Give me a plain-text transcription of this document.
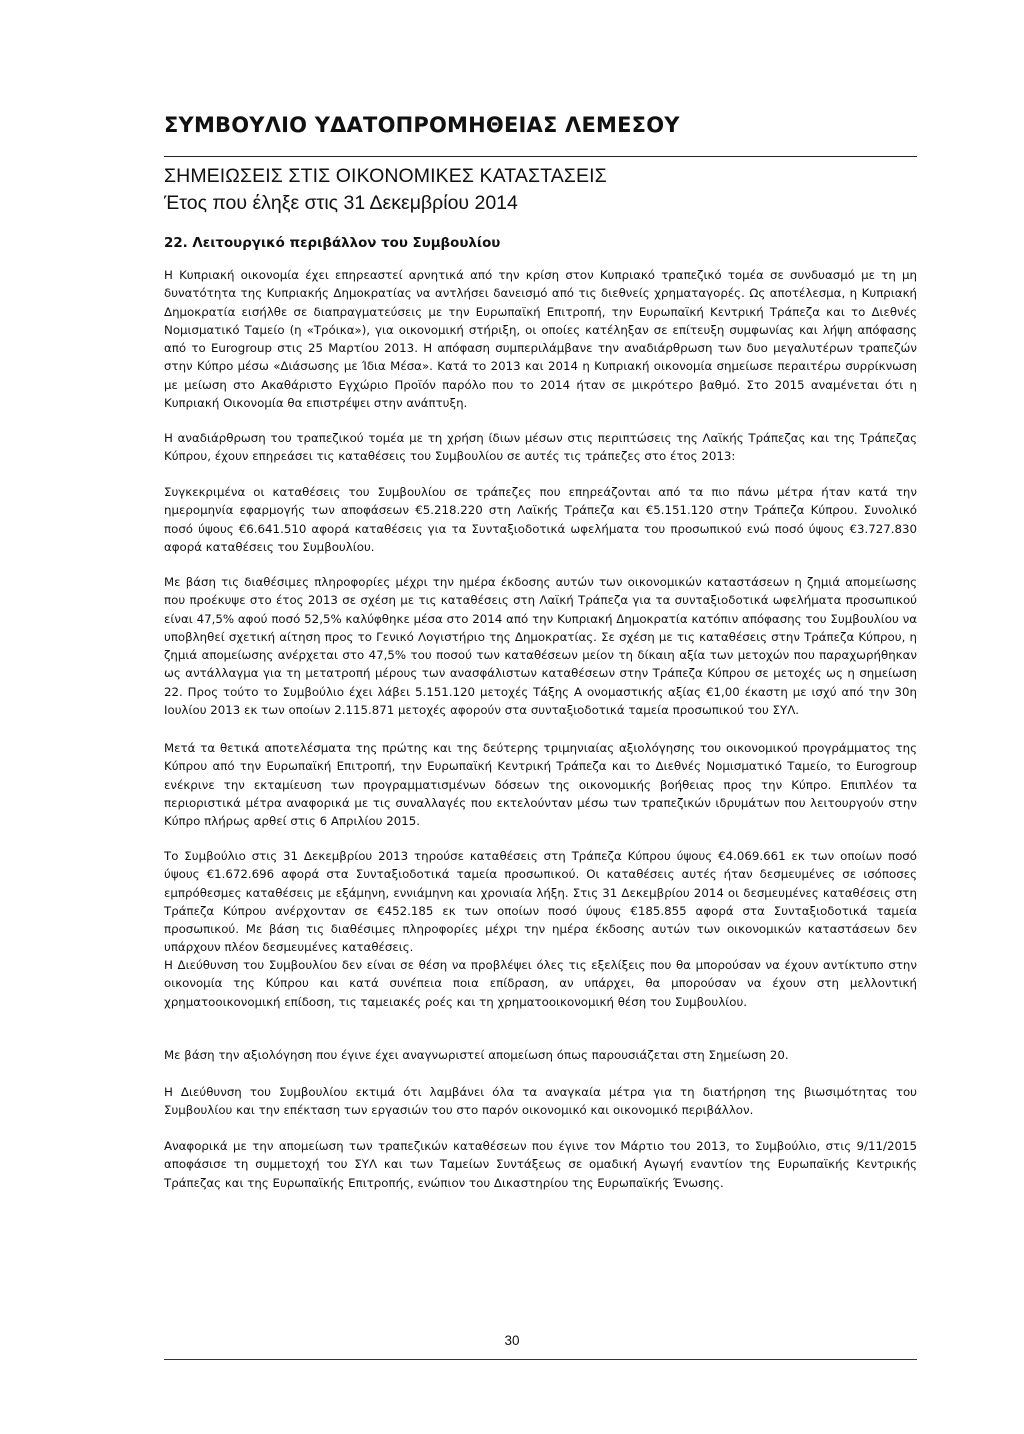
ΣΥΜΒΟΥΛΙΟ ΥΔΑΤΟΠΡΟΜΗΘΕΙΑΣ ΛΕΜΕΣΟΥ
ΣΗΜΕΙΩΣΕΙΣ ΣΤΙΣ ΟΙΚΟΝΟΜΙΚΕΣ ΚΑΤΑΣΤΑΣΕΙΣ
Έτος που έληξε στις 31 Δεκεμβρίου 2014
22. Λειτουργικό περιβάλλον του Συμβουλίου

Η Κυπριακή οικονομία έχει επηρεαστεί αρνητικά από την κρίση στον Κυπριακό τραπεζικό τομέα σε συνδυασμό με τη μη δυνατότητα της Κυπριακής Δημοκρατίας να αντλήσει δανεισμό από τις διεθνείς χρηματαγορές. Ως αποτέλεσμα, η Κυπριακή Δημοκρατία εισήλθε σε διαπραγματεύσεις με την Ευρωπαϊκή Επιτροπή, την Ευρωπαϊκή Κεντρική Τράπεζα και το Διεθνές Νομισματικό Ταμείο (η «Τρόικα»), για οικονομική στήριξη, οι οποίες κατέληξαν σε επίτευξη συμφωνίας και λήψη απόφασης από το Eurogroup στις 25 Μαρτίου 2013. Η απόφαση συμπεριλάμβανε την αναδιάρθρωση των δυο μεγαλυτέρων τραπεζών στην Κύπρο μέσω «Διάσωσης με Ίδια Μέσα». Κατά το 2013 και 2014 η Κυπριακή οικονομία σημείωσε περαιτέρω συρρίκνωση με μείωση στο Ακαθάριστο Εγχώριο Προϊόν παρόλο που το 2014 ήταν σε μικρότερο βαθμό. Στο 2015 αναμένεται ότι η Κυπριακή Οικονομία θα επιστρέψει στην ανάπτυξη.

Η αναδιάρθρωση του τραπεζικού τομέα με τη χρήση ίδιων μέσων στις περιπτώσεις της Λαϊκής Τράπεζας και της Τράπεζας Κύπρου, έχουν επηρεάσει τις καταθέσεις του Συμβουλίου σε αυτές τις τράπεζες στο έτος 2013:

Συγκεκριμένα οι καταθέσεις του Συμβουλίου σε τράπεζες που επηρεάζονται από τα πιο πάνω μέτρα ήταν κατά την ημερομηνία εφαρμογής των αποφάσεων €5.218.220 στη Λαϊκής Τράπεζα και €5.151.120 στην Τράπεζα Κύπρου. Συνολικό ποσό ύψους €6.641.510 αφορά καταθέσεις για τα Συνταξιοδοτικά ωφελήματα του προσωπικού ενώ ποσό ύψους €3.727.830 αφορά καταθέσεις του Συμβουλίου.

Με βάση τις διαθέσιμες πληροφορίες μέχρι την ημέρα έκδοσης αυτών των οικονομικών καταστάσεων η ζημιά απομείωσης που προέκυψε στο έτος 2013 σε σχέση με τις καταθέσεις στη Λαϊκή Τράπεζα για τα συνταξιοδοτικά ωφελήματα προσωπικού είναι 47,5% αφού ποσό 52,5% καλύφθηκε μέσα στο 2014 από την Κυπριακή Δημοκρατία κατόπιν απόφασης του Συμβουλίου να υποβληθεί σχετική αίτηση προς το Γενικό Λογιστήριο της Δημοκρατίας. Σε σχέση με τις καταθέσεις στην Τράπεζα Κύπρου, η ζημιά απομείωσης ανέρχεται στο 47,5% του ποσού των καταθέσεων μείον τη δίκαιη αξία των μετοχών που παραχωρήθηκαν ως αντάλλαγμα για τη μετατροπή μέρους των ανασφάλιστων καταθέσεων στην Τράπεζα Κύπρου σε μετοχές ως η σημείωση 22. Προς τούτο το Συμβούλιο έχει λάβει 5.151.120 μετοχές Τάξης Α ονομαστικής αξίας €1,00 έκαστη με ισχύ από την 30η Ιουλίου 2013 εκ των οποίων 2.115.871 μετοχές αφορούν στα συνταξιοδοτικά ταμεία προσωπικού του ΣΥΛ.

Μετά τα θετικά αποτελέσματα της πρώτης και της δεύτερης τριμηνιαίας αξιολόγησης του οικονομικού προγράμματος της Κύπρου από την Ευρωπαϊκή Επιτροπή, την Ευρωπαϊκή Κεντρική Τράπεζα και το Διεθνές Νομισματικό Ταμείο, το Eurogroup ενέκρινε την εκταμίευση των προγραμματισμένων δόσεων της οικονομικής βοήθειας προς την Κύπρο. Επιπλέον τα περιοριστικά μέτρα αναφορικά με τις συναλλαγές που εκτελούνταν μέσω των τραπεζικών ιδρυμάτων που λειτουργούν στην Κύπρο πλήρως αρθεί στις 6 Απριλίου 2015.

Το Συμβούλιο στις 31 Δεκεμβρίου 2013 τηρούσε καταθέσεις στη Τράπεζα Κύπρου ύψους €4.069.661 εκ των οποίων ποσό ύψους €1.672.696 αφορά στα Συνταξιοδοτικά ταμεία προσωπικού. Οι καταθέσεις αυτές ήταν δεσμευμένες σε ισόποσες εμπρόθεσμες καταθέσεις με εξάμηνη, εννιάμηνη και χρονιαία λήξη. Στις 31 Δεκεμβρίου 2014 οι δεσμευμένες καταθέσεις στη Τράπεζα Κύπρου ανέρχονταν σε €452.185 εκ των οποίων ποσό ύψους €185.855 αφορά στα Συνταξιοδοτικά ταμεία προσωπικού. Με βάση τις διαθέσιμες πληροφορίες μέχρι την ημέρα έκδοσης αυτών των οικονομικών καταστάσεων δεν υπάρχουν πλέον δεσμευμένες καταθέσεις.

Η Διεύθυνση του Συμβουλίου δεν είναι σε θέση να προβλέψει όλες τις εξελίξεις που θα μπορούσαν να έχουν αντίκτυπο στην οικονομία της Κύπρου και κατά συνέπεια ποια επίδραση, αν υπάρχει, θα μπορούσαν να έχουν στη μελλοντική χρηματοοικονομική επίδοση, τις ταμειακές ροές και τη χρηματοοικονομική θέση του Συμβουλίου.

Με βάση την αξιολόγηση που έγινε έχει αναγνωριστεί απομείωση όπως παρουσιάζεται στη Σημείωση 20.

Η Διεύθυνση του Συμβουλίου εκτιμά ότι λαμβάνει όλα τα αναγκαία μέτρα για τη διατήρηση της βιωσιμότητας του Συμβουλίου και την επέκταση των εργασιών του στο παρόν οικονομικό και οικονομικό περιβάλλον.

Αναφορικά με την απομείωση των τραπεζικών καταθέσεων που έγινε τον Μάρτιο του 2013, το Συμβούλιο, στις 9/11/2015 αποφάσισε τη συμμετοχή του ΣΥΛ και των Ταμείων Συντάξεως σε ομαδική Αγωγή εναντίον της Ευρωπαϊκής Κεντρικής Τράπεζας και της Ευρωπαϊκής Επιτροπής, ενώπιον του Δικαστηρίου της Ευρωπαϊκής Ένωσης.

30
